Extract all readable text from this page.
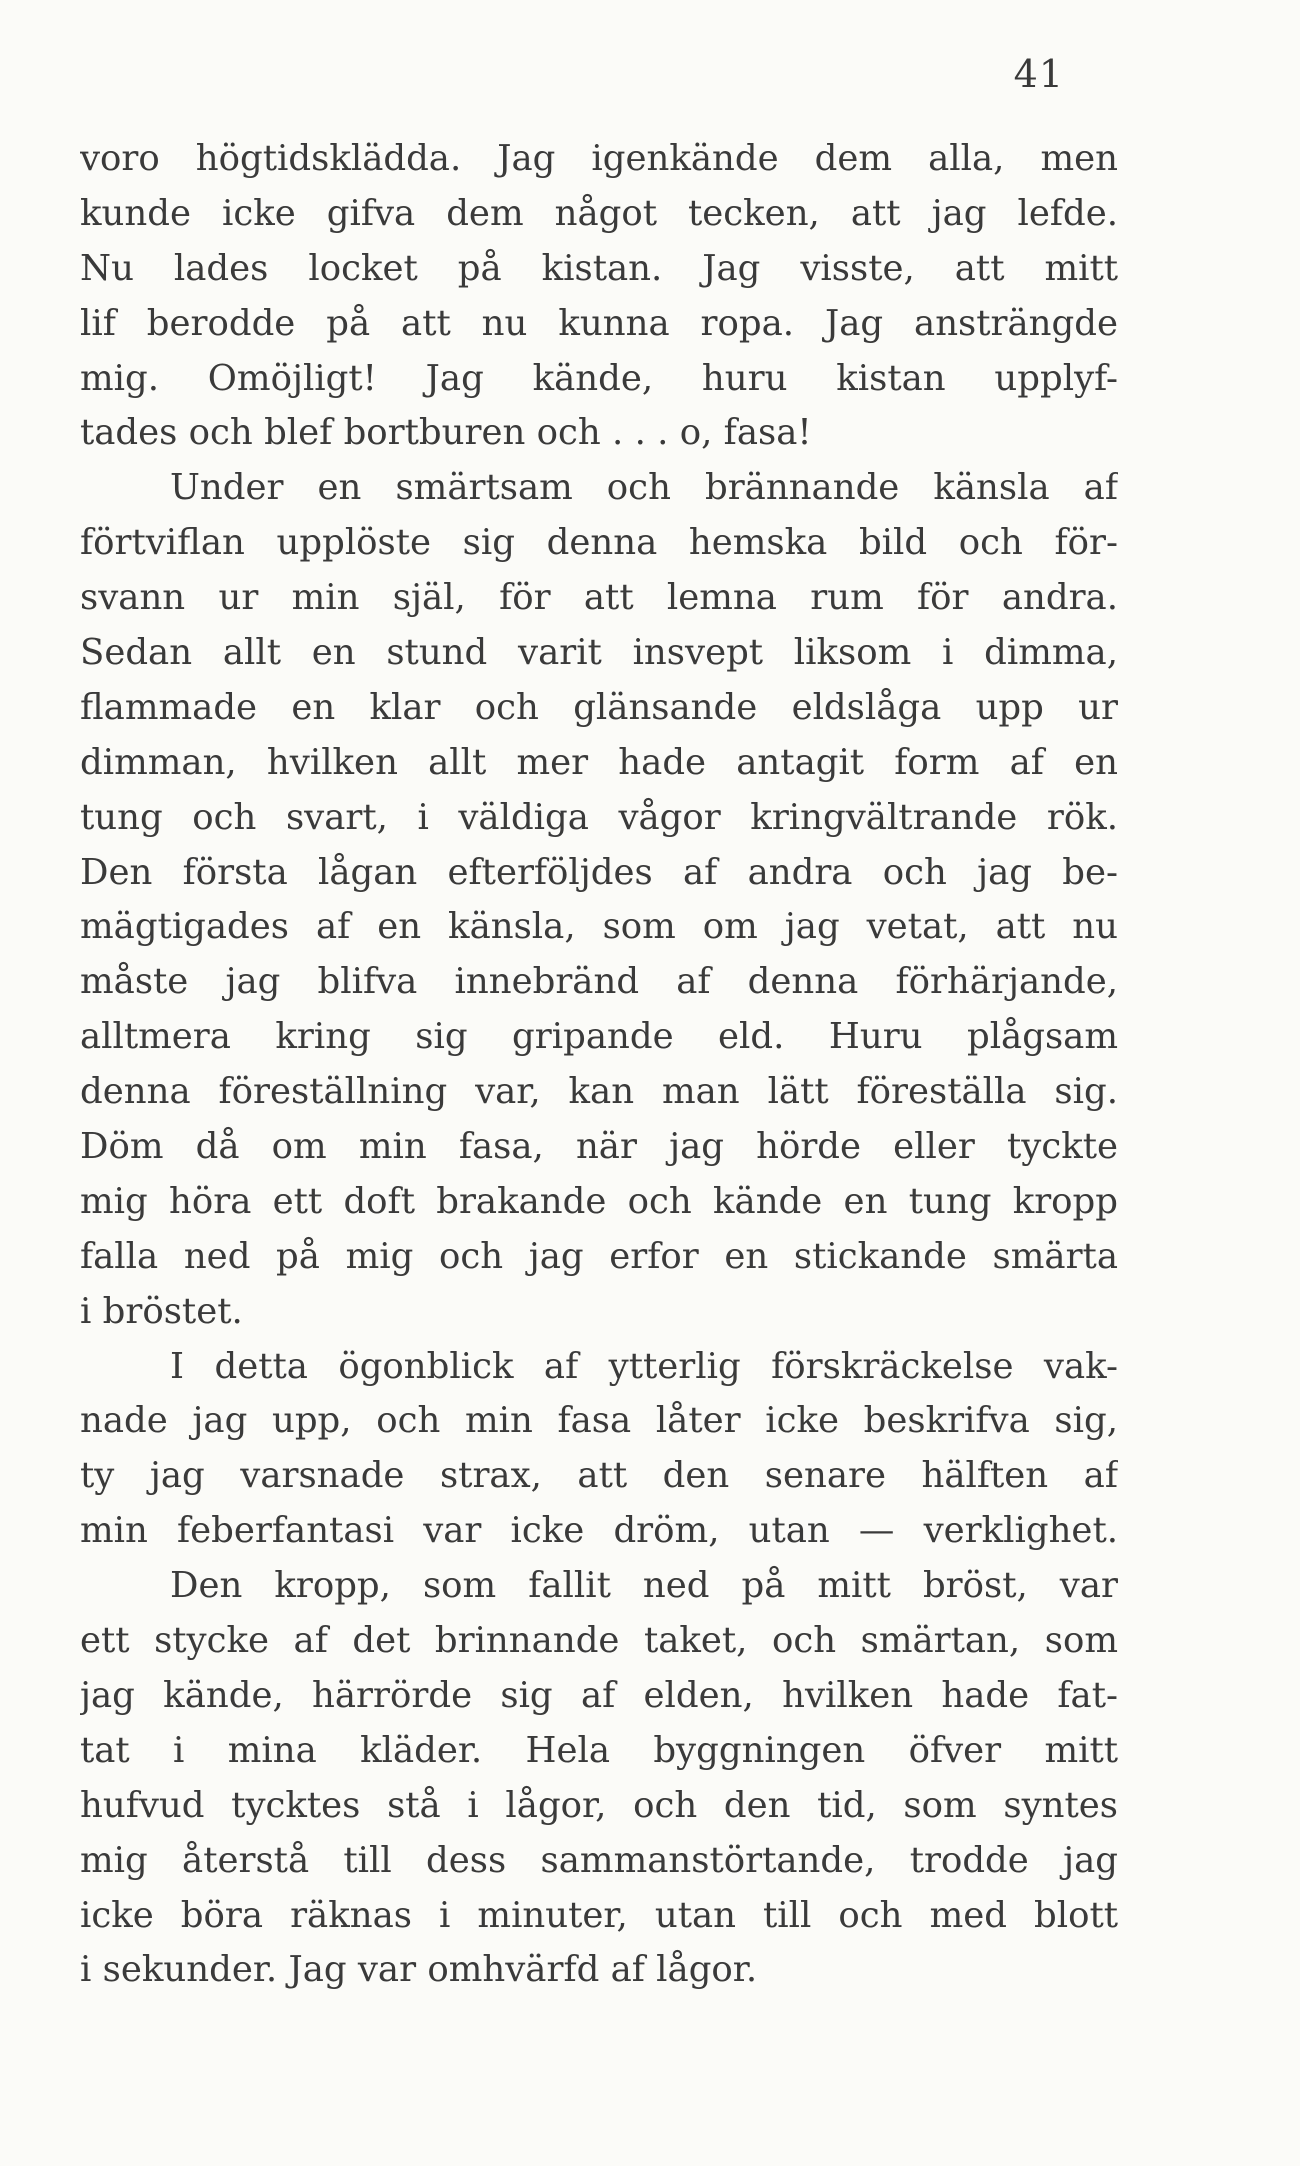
41
voro högtidsklädda. Jag igenkände dem alla, men
kunde icke gifva dem något tecken, att jag lefde.
Nu lades locket på kistan. Jag visste, att mitt
lif berodde på att nu kunna ropa. Jag ansträngde
mig. Omöjligt! Jag kände, huru kistan upplyf-
tades och blef bortburen och . . . o, fasa!
Under en smärtsam och brännande känsla af
förtviflan upplöste sig denna hemska bild och för-
svann ur min själ, för att lemna rum för andra.
Sedan allt en stund varit insvept liksom i dimma,
flammade en klar och glänsande eldslåga upp ur
dimman, hvilken allt mer hade antagit form af en
tung och svart, i väldiga vågor kringvältrande rök.
Den första lågan efterföljdes af andra och jag be-
mägtigades af en känsla, som om jag vetat, att nu
måste jag blifva innebränd af denna förhärjande,
alltmera kring sig gripande eld. Huru plågsam
denna föreställning var, kan man lätt föreställa sig.
Döm då om min fasa, när jag hörde eller tyckte
mig höra ett doft brakande och kände en tung kropp
falla ned på mig och jag erfor en stickande smärta
i bröstet.
I detta ögonblick af ytterlig förskräckelse vak-
nade jag upp, och min fasa låter icke beskrifva sig,
ty jag varsnade strax, att den senare hälften af
min feberfantasi var icke dröm, utan — verklighet.
Den kropp, som fallit ned på mitt bröst, var
ett stycke af det brinnande taket, och smärtan, som
jag kände, härrörde sig af elden, hvilken hade fat-
tat i mina kläder. Hela byggningen öfver mitt
hufvud tycktes stå i lågor, och den tid, som syntes
mig återstå till dess sammanstörtande, trodde jag
icke böra räknas i minuter, utan till och med blott
i sekunder. Jag var omhvärfd af lågor.
